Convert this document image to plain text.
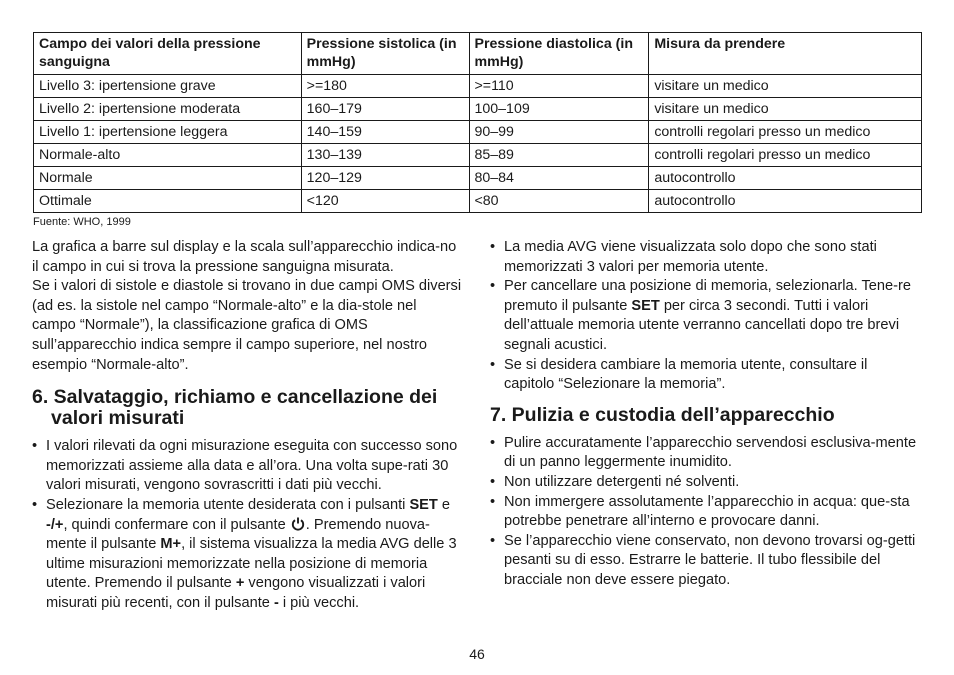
Campo dei valori della pressione sanguigna	Pressione sistolica (in mmHg)	Pressione diastolica (in mmHg)	Misura da prendere
Livello 3: ipertensione grave	>=180	>=110	visitare un medico
Livello 2: ipertensione moderata	160–179	100–109	visitare un medico
Livello 1: ipertensione leggera	140–159	90–99	controlli regolari presso un medico
Normale-alto	130–139	85–89	controlli regolari presso un medico
Normale	120–129	80–84	autocontrollo
Ottimale	<120	<80	autocontrollo
Fuente: WHO, 1999

La grafica a barre sul display e la scala sull’apparecchio indica-no il campo in cui si trova la pressione sanguigna misurata.

Se i valori di sistole e diastole si trovano in due campi OMS diversi (ad es. la sistole nel campo “Normale-alto” e la dia-stole nel campo “Normale”), la classificazione grafica di OMS sull’apparecchio indica sempre il campo superiore, nel nostro esempio “Normale-alto”.

6. Salvataggio, richiamo e cancellazione dei valori misurati
• I valori rilevati da ogni misurazione eseguita con successo sono memorizzati assieme alla data e all’ora. Una volta supe-rati 30 valori misurati, vengono sovrascritti i dati più vecchi.
• Selezionare la memoria utente desiderata con i pulsanti SET e -/+, quindi confermare con il pulsante . Premendo nuova-mente il pulsante M+, il sistema visualizza la media AVG delle 3 ultime misurazioni memorizzate nella posizione di memoria utente. Premendo il pulsante + vengono visualizzati i valori misurati più recenti, con il pulsante - i più vecchi.
• La media AVG viene visualizzata solo dopo che sono stati memorizzati 3 valori per memoria utente.
• Per cancellare una posizione di memoria, selezionarla. Tene-re premuto il pulsante SET per circa 3 secondi. Tutti i valori dell’attuale memoria utente verranno cancellati dopo tre brevi segnali acustici.
• Se si desidera cambiare la memoria utente, consultare il capitolo “Selezionare la memoria”.
7. Pulizia e custodia dell’apparecchio
• Pulire accuratamente l’apparecchio servendosi esclusiva-mente di un panno leggermente inumidito.
• Non utilizzare detergenti né solventi.
• Non immergere assolutamente l’apparecchio in acqua: que-sta potrebbe penetrare all’interno e provocare danni.
• Se l’apparecchio viene conservato, non devono trovarsi og-getti pesanti su di esso. Estrarre le batterie. Il tubo flessibile del bracciale non deve essere piegato.
46
